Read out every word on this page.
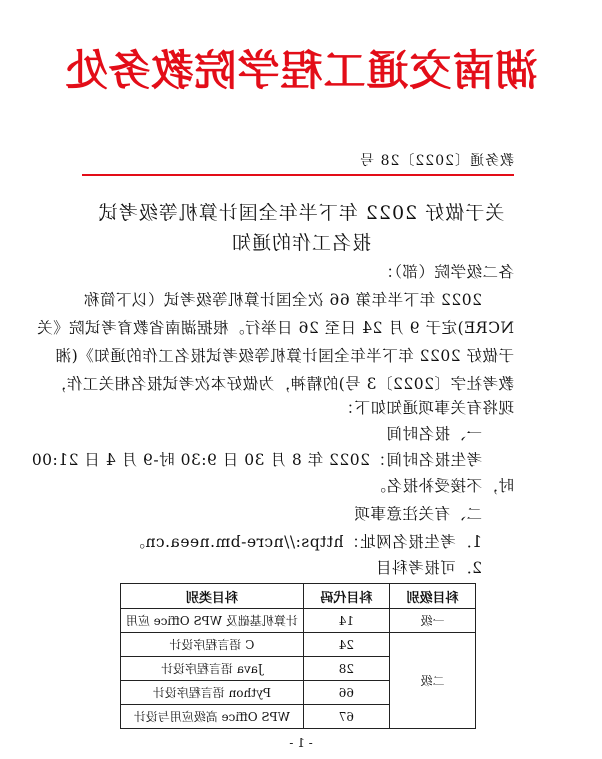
湖南交通工程学院教务处
教务通〔2022〕28 号
关于做好 2022 年下半年全国计算机等级考试
报名工作的通知
各二级学院（部）：
2022 年下半年第 66 次全国计算机等级考试（以下简称
NCRE)定于 9 月 24 日至 26 日举行。根据湖南省教育考试院《关
于做好 2022 年下半年全国计算机等级考试报名工作的通知》(湘
教考社字〔2022〕3 号)的精神，为做好本次考试报名相关工作，
现将有关事项通知如下：
一、报名时间
考生报名时间：2022 年 8 月 30 日 9:30 时-9 月 4 日 21:00
时，不接受补报名。
二、有关注意事项
1．考生报名网址：https://ncre-bm.neea.cn。
2．可报考科目
科目级别	科目代码	科目类别
一级	14	计算机基础及 WPS Office 应用
二级	24	C 语言程序设计
	28	Java 语言程序设计
	66	Python 语言程序设计
	67	WPS Office 高级应用与设计
- 1 -
